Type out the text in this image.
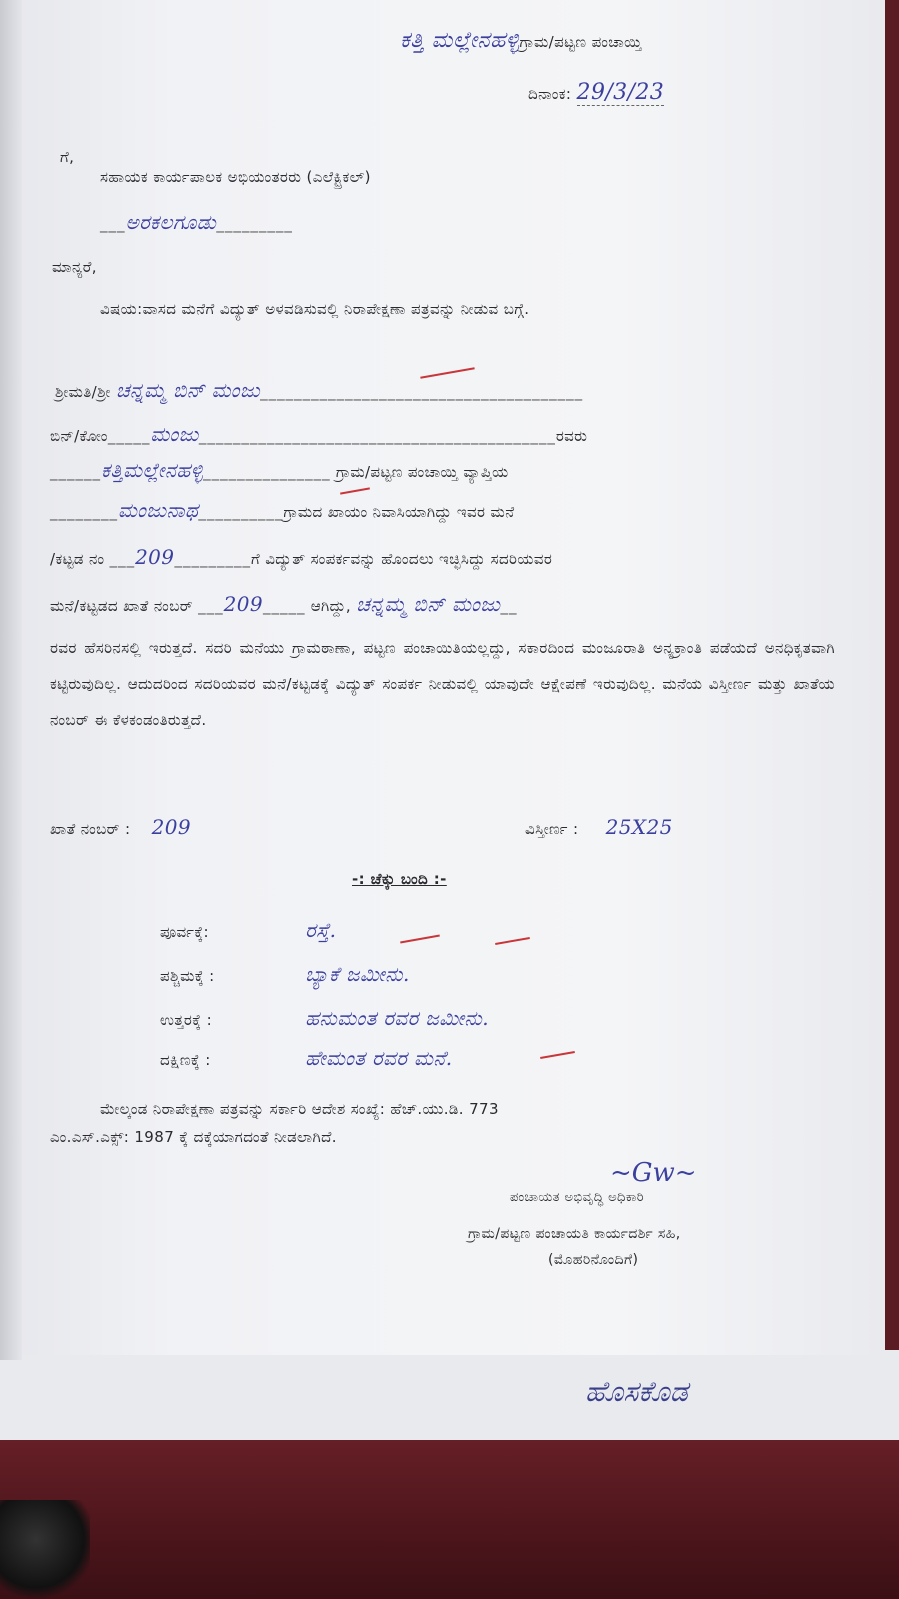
ಕತ್ತಿ ಮಲ್ಲೇನಹಳ್ಳಿಗ್ರಾಮ/ಪಟ್ಟಣ ಪಂಚಾಯ್ತಿ
ದಿನಾಂಕ: 29/3/23
ಗೆ,
ಸಹಾಯಕ ಕಾರ್ಯಪಾಲಕ ಅಭಿಯಂತರರು (ಎಲೆಕ್ಟ್ರಿಕಲ್)
___ಅರಕಲಗೂಡು_________
ಮಾನ್ಯರೆ,
ವಿಷಯ:ವಾಸದ ಮನೆಗೆ ವಿದ್ಯುತ್ ಅಳವಡಿಸುವಲ್ಲಿ ನಿರಾಪೇಕ್ಷಣಾ ಪತ್ರವನ್ನು ನೀಡುವ ಬಗ್ಗೆ.
ಶ್ರೀಮತಿ/ಶ್ರೀ ಚನ್ನಮ್ಮ ಬಿನ್ ಮಂಜು______________________________________
ಬಿನ್/ಕೋಂ_____ಮಂಜು__________________________________________ರವರು
______ಕತ್ತಿಮಲ್ಲೇನಹಳ್ಳಿ_______________ ಗ್ರಾಮ/ಪಟ್ಟಣ ಪಂಚಾಯ್ತಿ ವ್ಯಾಪ್ತಿಯ
________ಮಂಜುನಾಥ__________ಗ್ರಾಮದ ಖಾಯಂ ನಿವಾಸಿಯಾಗಿದ್ದು ಇವರ ಮನೆ
/ಕಟ್ಟಡ ನಂ ___209_________ಗೆ ವಿದ್ಯುತ್ ಸಂಪರ್ಕವನ್ನು ಹೊಂದಲು ಇಚ್ಛಿಸಿದ್ದು ಸದರಿಯವರ
ಮನೆ/ಕಟ್ಟಡದ ಖಾತೆ ನಂಬರ್ ___209_____ ಆಗಿದ್ದು, ಚನ್ನಮ್ಮ ಬಿನ್ ಮಂಜು__
ರವರ ಹೆಸರಿನಸಲ್ಲಿ ಇರುತ್ತದೆ. ಸದರಿ ಮನೆಯು ಗ್ರಾಮಠಾಣಾ, ಪಟ್ಟಣ ಪಂಚಾಯಿತಿಯಲ್ಲದ್ದು, ಸಕಾರದಿಂದ ಮಂಜೂರಾತಿ ಅನ್ಯಕ್ರಾಂತಿ ಪಡೆಯದೆ ಅನಧಿಕೃತವಾಗಿ ಕಟ್ಟಿರುವುದಿಲ್ಲ. ಆದುದರಿಂದ ಸದರಿಯವರ ಮನೆ/ಕಟ್ಟಡಕ್ಕೆ ವಿದ್ಯುತ್ ಸಂಪರ್ಕ ನೀಡುವಲ್ಲಿ ಯಾವುದೇ ಆಕ್ಷೇಪಣೆ ಇರುವುದಿಲ್ಲ. ಮನೆಯ ವಿಸ್ತೀರ್ಣ ಮತ್ತು ಖಾತೆಯ ನಂಬರ್ ಈ ಕೆಳಕಂಡಂತಿರುತ್ತದೆ.
ಖಾತೆ ನಂಬರ್ : 209	ವಿಸ್ತೀರ್ಣ : 25X25
-: ಚೆಕ್ಕು ಬಂದಿ :-
ಪೂರ್ವಕ್ಕೆ:	ರಸ್ತೆ.
ಪಶ್ಚಿಮಕ್ಕೆ :	ಬ್ಯಾಕೆ ಜಮೀನು.
ಉತ್ತರಕ್ಕೆ :	ಹನುಮಂತ ರವರ ಜಮೀನು.
ದಕ್ಷಿಣಕ್ಕೆ :	ಹೇಮಂತ ರವರ ಮನೆ.
ಮೇಲ್ಕಂಡ ನಿರಾಪೇಕ್ಷಣಾ ಪತ್ರವನ್ನು ಸರ್ಕಾರಿ ಆದೇಶ ಸಂಖ್ಯೆ: ಹೆಚ್.ಯು.ಡಿ. 773
ಎಂ.ಎಸ್.ಎಕ್ಸ್: 1987 ಕ್ಕೆ ದಕ್ಕೆಯಾಗದಂತೆ ನೀಡಲಾಗಿದೆ.
~Gw~
ಪಂಚಾಯತ ಅಭಿವೃದ್ಧಿ ಅಧಿಕಾರಿ
ಗ್ರಾಮ/ಪಟ್ಟಣ ಪಂಚಾಯತಿ ಕಾರ್ಯದರ್ಶಿ ಸಹಿ,
(ಮೊಹರಿನೊಂದಿಗೆ)
ಹೊಸಕೊಡ
